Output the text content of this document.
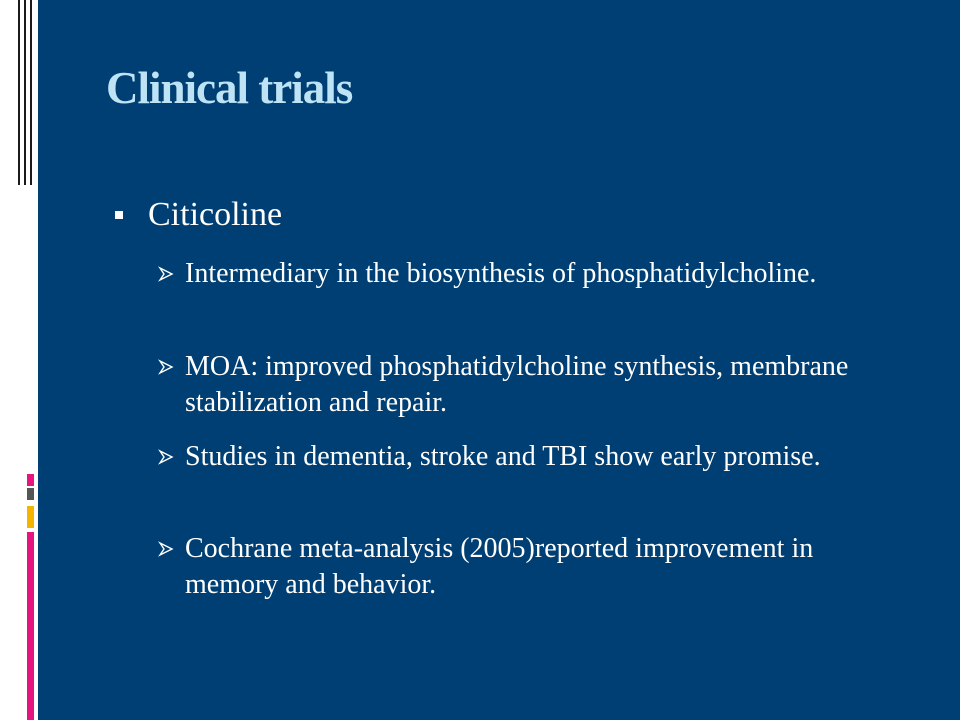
Clinical trials
Citicoline
Intermediary in the biosynthesis of phosphatidylcholine.
MOA: improved phosphatidylcholine synthesis, membrane stabilization and repair.
Studies in dementia, stroke and TBI show early promise.
Cochrane meta-analysis (2005)reported improvement in memory and behavior.
